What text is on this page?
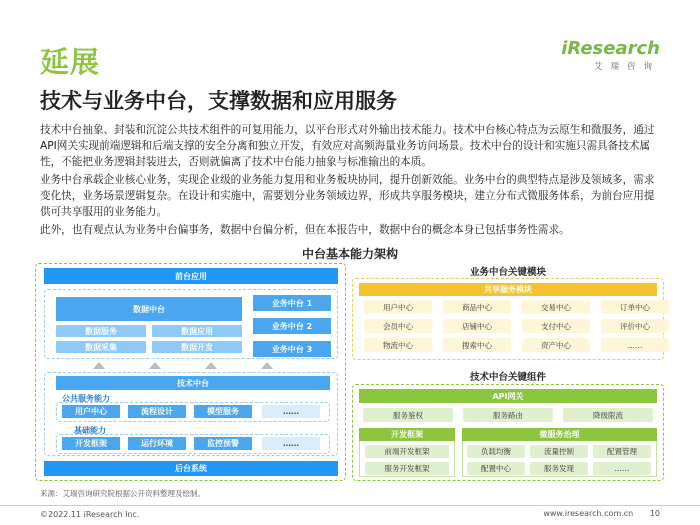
延展
技术与业务中台，支撑数据和应用服务
iResearch
艾瑞咨询
技术中台抽象、封装和沉淀公共技术组件的可复用能力，以平台形式对外输出技术能力。技术中台核心特点为云原生和微服务，通过API网关实现前端逻辑和后端支撑的安全分离和独立开发，有效应对高频海量业务访问场景。技术中台的设计和实施只需具备技术属性，不能把业务逻辑封装进去，否则就偏离了技术中台能力抽象与标准输出的本质。
业务中台承载企业核心业务，实现企业级的业务能力复用和业务板块协同，提升创新效能。业务中台的典型特点是涉及领域多，需求变化快，业务场景逻辑复杂。在设计和实施中，需要划分业务领域边界，形成共享服务模块，建立分布式微服务体系，为前台应用提供可共享服用的业务能力。
此外，也有观点认为业务中台偏事务，数据中台偏分析，但在本报告中，数据中台的概念本身已包括事务性需求。
中台基本能力架构
前台应用
数据中台
数据服务	数据应用
数据采集	数据开发
业务中台 1
业务中台 2
业务中台 3
技术中台
公共服务能力
用户中心	流程设计	模型服务	……
基础能力
开发框架	运行环境	监控预警	……
后台系统
业务中台关键模块
共享服务模块
用户中心	商品中心	交易中心	订单中心
会员中心	店铺中心	支付中心	评价中心
物流中心	搜索中心	资产中心	……
技术中台关键组件
API网关
服务鉴权	服务路由	降级限流
开发框架
前端开发框架
服务开发框架
微服务治理
负载均衡	流量控制	配置管理
配置中心	服务发现	……
来源：艾瑞咨询研究院根据公开资料整理及绘制。
©2022.11 iResearch Inc.	www.iresearch.com.cn 10
